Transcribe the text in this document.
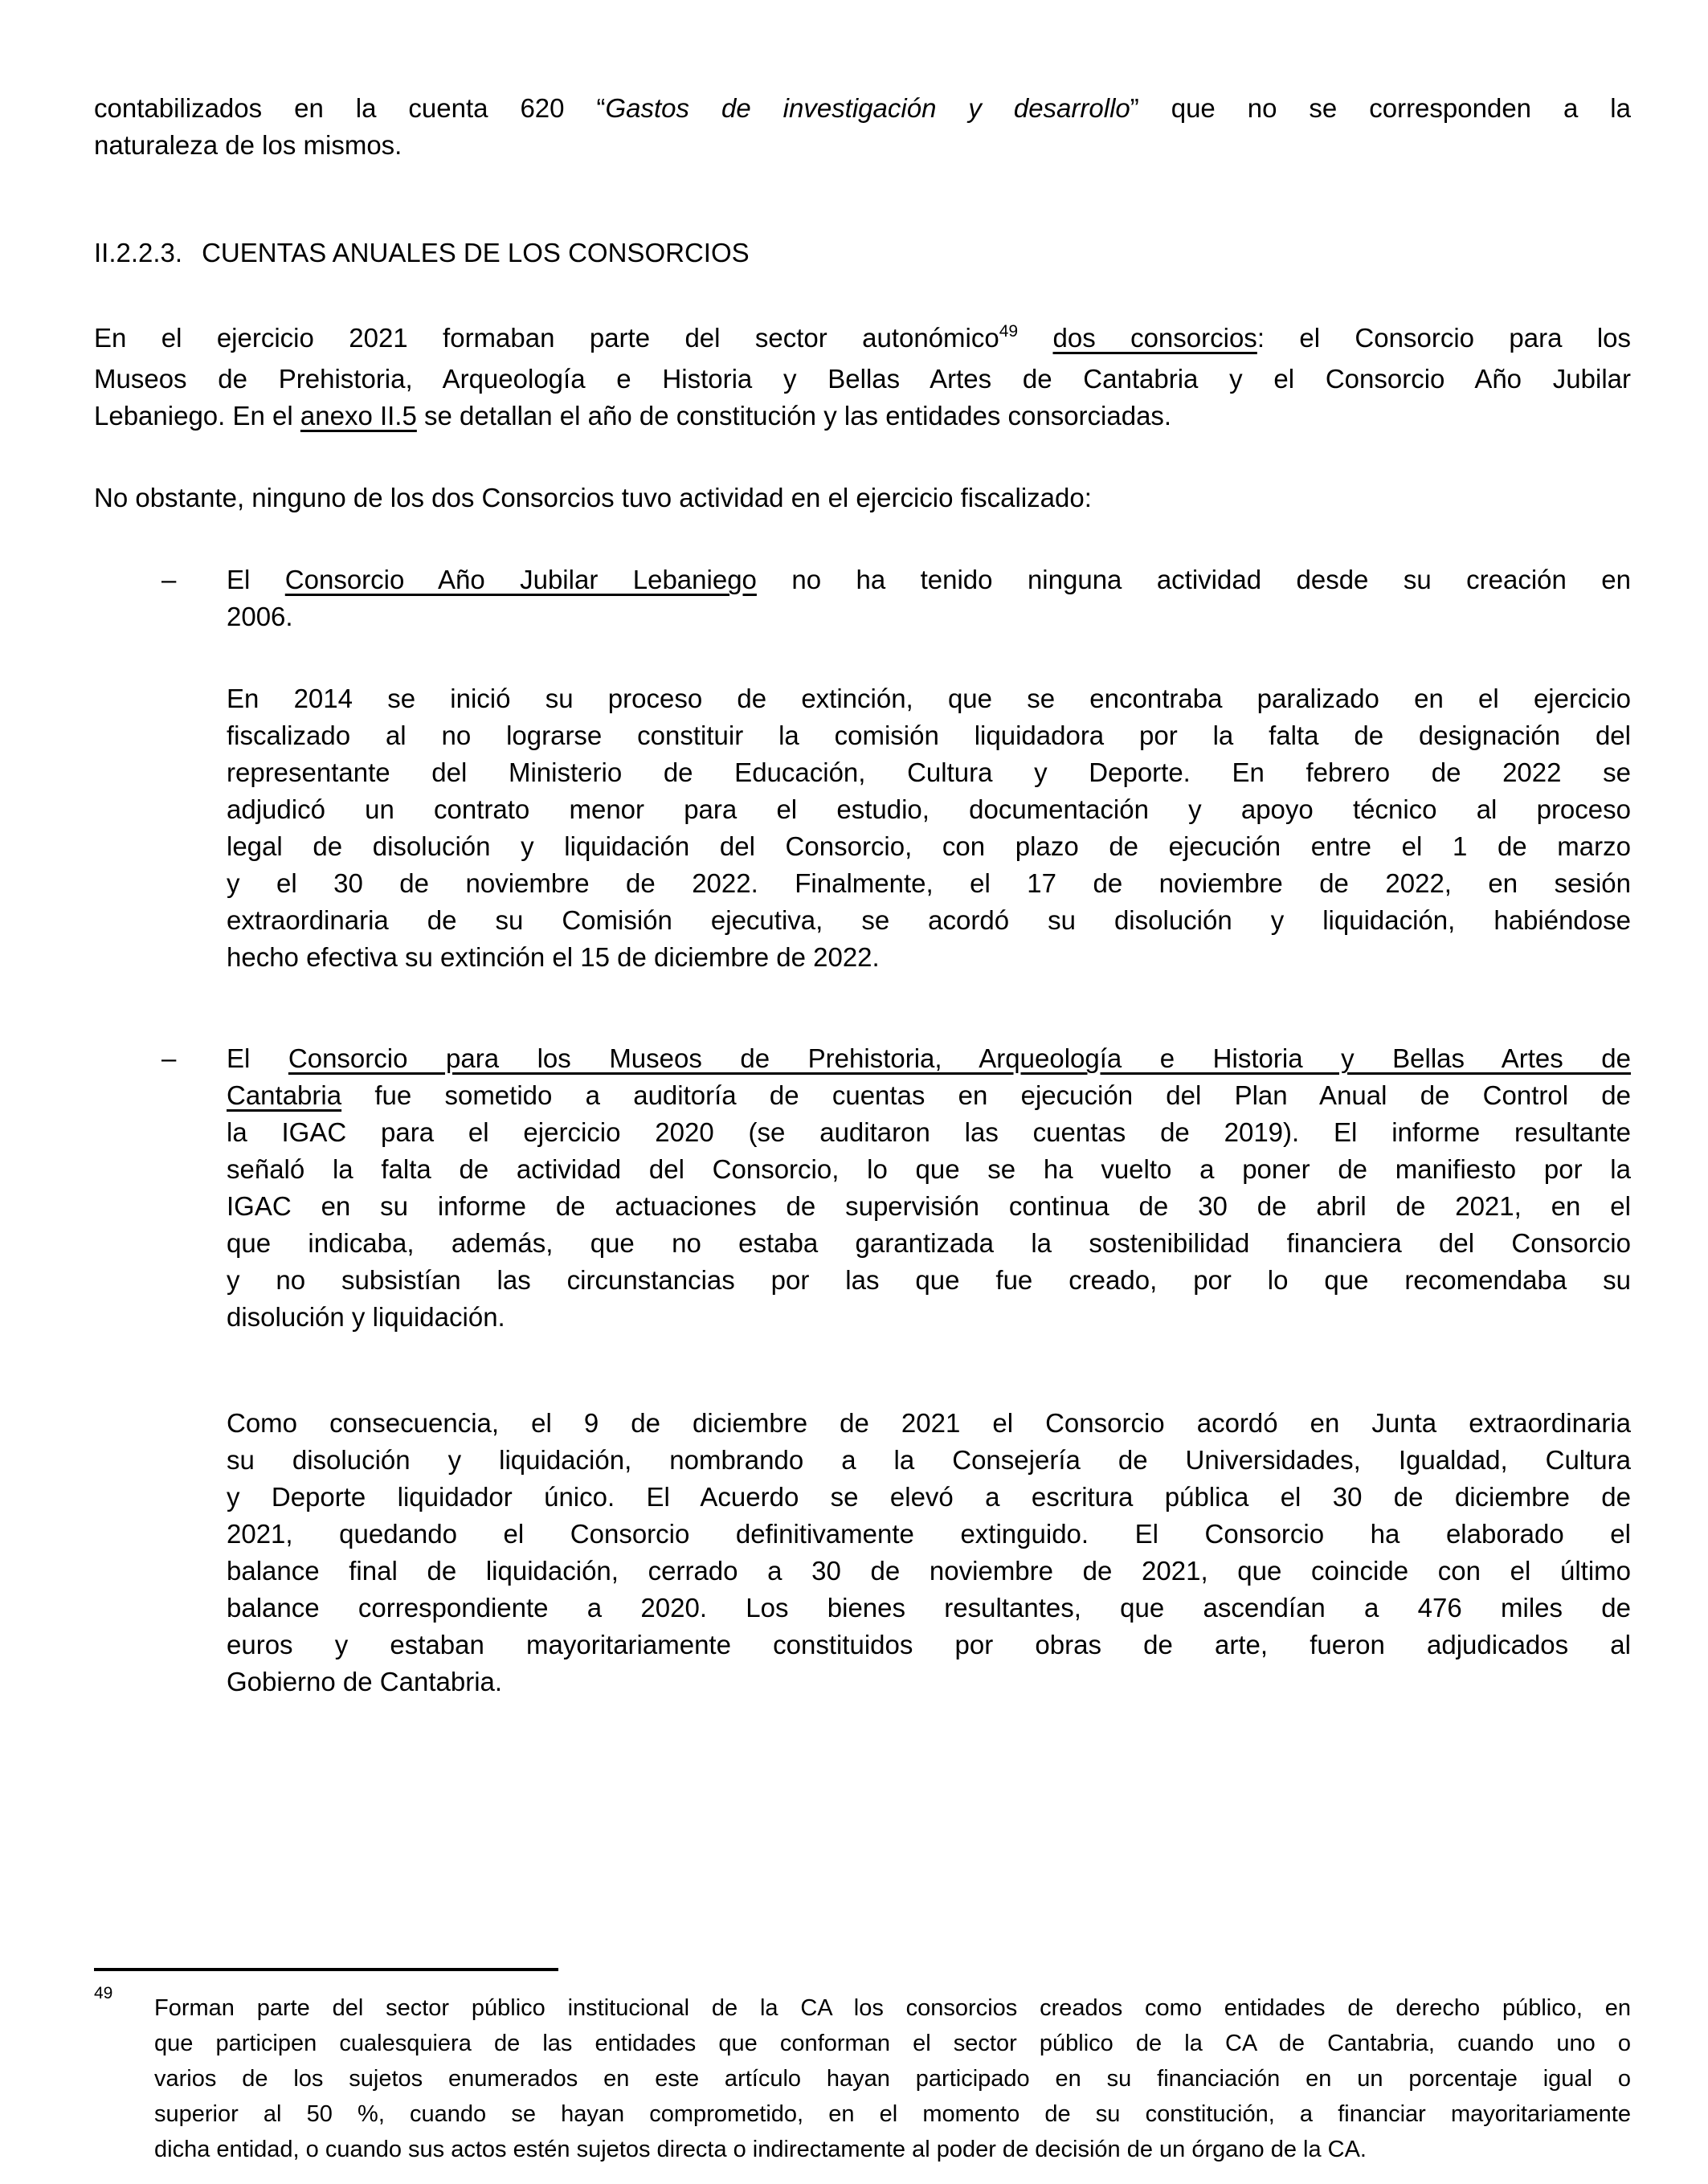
contabilizados en la cuenta 620 “Gastos de investigación y desarrollo” que no se corresponden a la
naturaleza de los mismos.
II.2.2.3. CUENTAS ANUALES DE LOS CONSORCIOS
En el ejercicio 2021 formaban parte del sector autonómico$^{49}$ dos consorcios: el Consorcio para los
Museos de Prehistoria, Arqueología e Historia y Bellas Artes de Cantabria y el Consorcio Año Jubilar
Lebaniego. En el anexo II.5 se detallan el año de constitución y las entidades consorciadas.
No obstante, ninguno de los dos Consorcios tuvo actividad en el ejercicio fiscalizado:
– El Consorcio Año Jubilar Lebaniego no ha tenido ninguna actividad desde su creación en
2006.
En 2014 se inició su proceso de extinción, que se encontraba paralizado en el ejercicio
fiscalizado al no lograrse constituir la comisión liquidadora por la falta de designación del
representante del Ministerio de Educación, Cultura y Deporte. En febrero de 2022 se
adjudicó un contrato menor para el estudio, documentación y apoyo técnico al proceso
legal de disolución y liquidación del Consorcio, con plazo de ejecución entre el 1 de marzo
y el 30 de noviembre de 2022. Finalmente, el 17 de noviembre de 2022, en sesión
extraordinaria de su Comisión ejecutiva, se acordó su disolución y liquidación, habiéndose
hecho efectiva su extinción el 15 de diciembre de 2022.
– El Consorcio para los Museos de Prehistoria, Arqueología e Historia y Bellas Artes de
Cantabria fue sometido a auditoría de cuentas en ejecución del Plan Anual de Control de
la IGAC para el ejercicio 2020 (se auditaron las cuentas de 2019). El informe resultante
señaló la falta de actividad del Consorcio, lo que se ha vuelto a poner de manifiesto por la
IGAC en su informe de actuaciones de supervisión continua de 30 de abril de 2021, en el
que indicaba, además, que no estaba garantizada la sostenibilidad financiera del Consorcio
y no subsistían las circunstancias por las que fue creado, por lo que recomendaba su
disolución y liquidación.
Como consecuencia, el 9 de diciembre de 2021 el Consorcio acordó en Junta extraordinaria
su disolución y liquidación, nombrando a la Consejería de Universidades, Igualdad, Cultura
y Deporte liquidador único. El Acuerdo se elevó a escritura pública el 30 de diciembre de
2021, quedando el Consorcio definitivamente extinguido. El Consorcio ha elaborado el
balance final de liquidación, cerrado a 30 de noviembre de 2021, que coincide con el último
balance correspondiente a 2020. Los bienes resultantes, que ascendían a 476 miles de
euros y estaban mayoritariamente constituidos por obras de arte, fueron adjudicados al
Gobierno de Cantabria.
49
Forman parte del sector público institucional de la CA los consorcios creados como entidades de derecho público, en
que participen cualesquiera de las entidades que conforman el sector público de la CA de Cantabria, cuando uno o
varios de los sujetos enumerados en este artículo hayan participado en su financiación en un porcentaje igual o
superior al 50 %, cuando se hayan comprometido, en el momento de su constitución, a financiar mayoritariamente
dicha entidad, o cuando sus actos estén sujetos directa o indirectamente al poder de decisión de un órgano de la CA.
